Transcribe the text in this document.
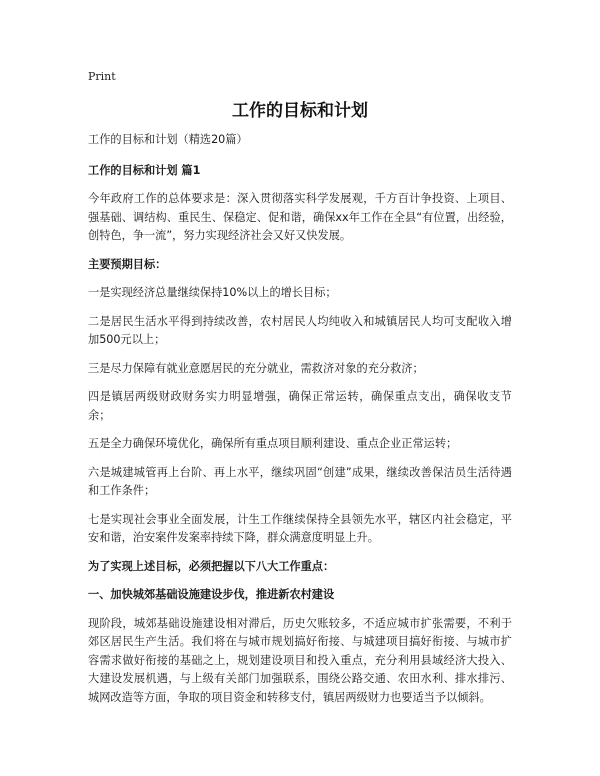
Print
工作的目标和计划

工作的目标和计划（精选20篇）

工作的目标和计划 篇1

今年政府工作的总体要求是：深入贯彻落实科学发展观，千方百计争投资、上项目、强基础、调结构、重民生、保稳定、促和谐，确保xx年工作在全县“有位置，出经验，创特色，争一流”，努力实现经济社会又好又快发展。

主要预期目标：

一是实现经济总量继续保持10%以上的增长目标；

二是居民生活水平得到持续改善，农村居民人均纯收入和城镇居民人均可支配收入增加500元以上；

三是尽力保障有就业意愿居民的充分就业，需救济对象的充分救济；

四是镇居两级财政财务实力明显增强，确保正常运转，确保重点支出，确保收支节余；

五是全力确保环境优化，确保所有重点项目顺利建设、重点企业正常运转；

六是城建城管再上台阶、再上水平，继续巩固“创建”成果，继续改善保洁员生活待遇和工作条件；

七是实现社会事业全面发展，计生工作继续保持全县领先水平，辖区内社会稳定，平安和谐，治安案件发案率持续下降，群众满意度明显上升。

为了实现上述目标，必须把握以下八大工作重点：

一、加快城郊基础设施建设步伐，推进新农村建设

现阶段，城郊基础设施建设相对滞后，历史欠账较多，不适应城市扩张需要，不利于郊区居民生产生活。我们将在与城市规划搞好衔接、与城建项目搞好衔接、与城市扩容需求做好衔接的基础之上，规划建设项目和投入重点，充分利用县域经济大投入、大建设发展机遇，与上级有关部门加强联系，围绕公路交通、农田水利、排水排污、城网改造等方面，争取的项目资金和转移支付，镇居两级财力也要适当予以倾斜。
